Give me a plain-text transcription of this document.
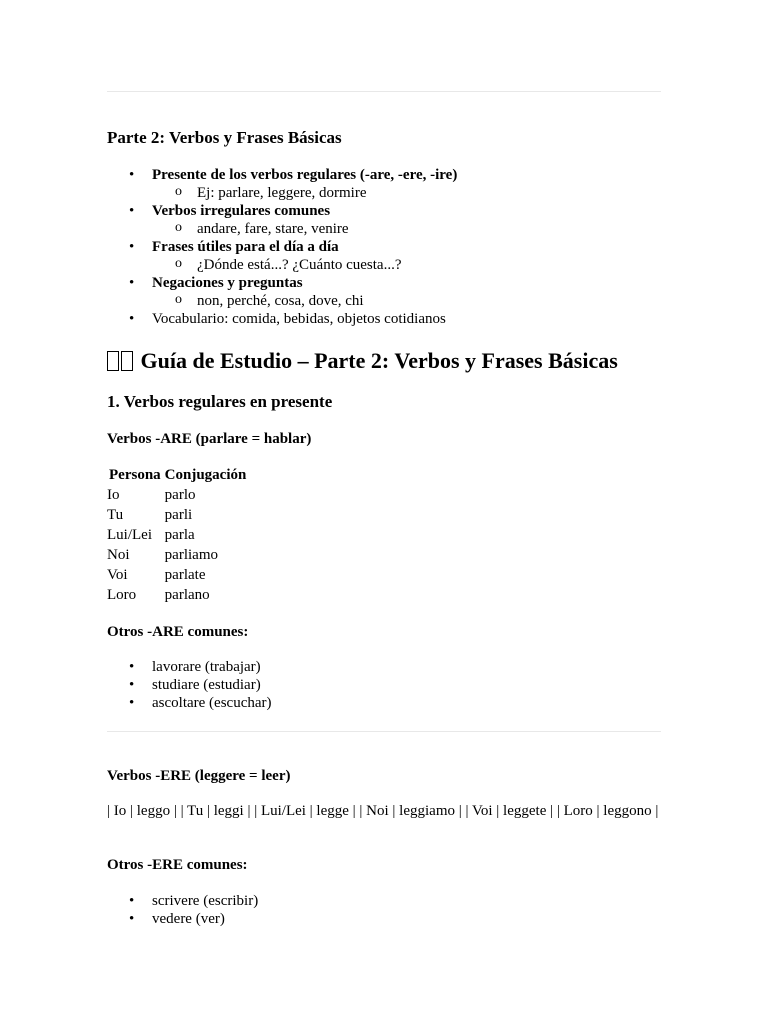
Parte 2: Verbos y Frases Básicas
• Presente de los verbos regulares (-are, -ere, -ire)
o Ej: parlare, leggere, dormire
• Verbos irregulares comunes
o andare, fare, stare, venire
• Frases útiles para el día a día
o ¿Dónde está...? ¿Cuánto cuesta...?
• Negaciones y preguntas
o non, perché, cosa, dove, chi
• Vocabulario: comida, bebidas, objetos cotidianos
Guía de Estudio – Parte 2: Verbos y Frases Básicas
1. Verbos regulares en presente

Verbos -ARE (parlare = hablar)

Persona	Conjugación
Io	parlo
Tu	parli
Lui/Lei	parla
Noi	parliamo
Voi	parlate
Loro	parlano

Otros -ARE comunes:

• lavorare (trabajar)
• studiare (estudiar)
• ascoltare (escuchar)

Verbos -ERE (leggere = leer)

| Io | leggo | | Tu | leggi | | Lui/Lei | legge | | Noi | leggiamo | | Voi | leggete | | Loro | leggono |

Otros -ERE comunes:

• scrivere (escribir)
• vedere (ver)
